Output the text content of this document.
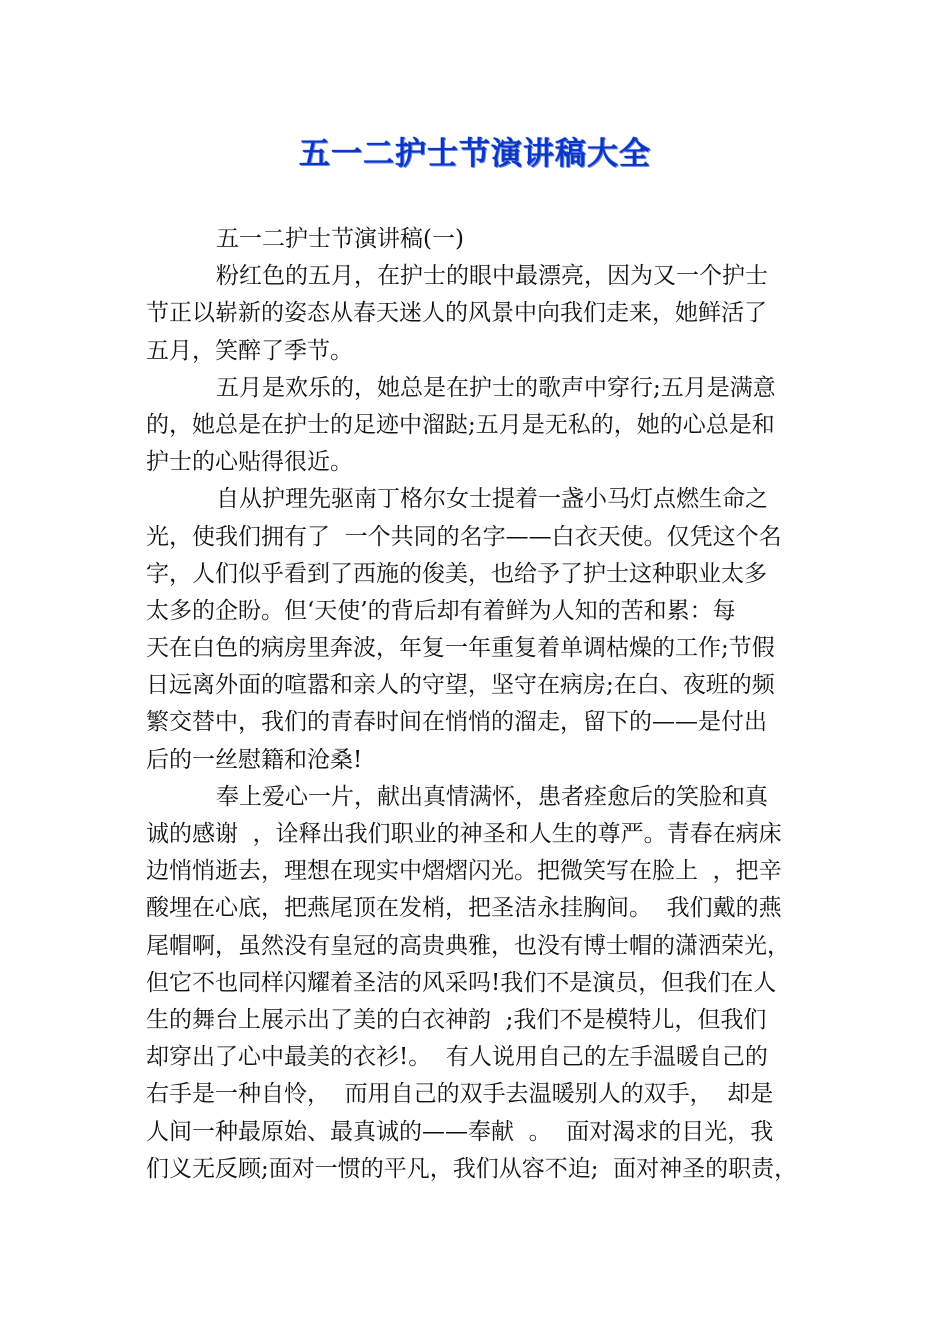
五一二护士节演讲稿大全
五一二护士节演讲稿(一)
粉红色的五月，在护士的眼中最漂亮，因为又一个护士
节正以崭新的姿态从春天迷人的风景中向我们走来，她鲜活了
五月，笑醉了季节。
五月是欢乐的，她总是在护士的歌声中穿行;五月是满意
的，她总是在护士的足迹中溜跶;五月是无私的，她的心总是和
护士的心贴得很近。
自从护理先驱南丁格尔女士提着一盏小马灯点燃生命之
光，使我们拥有了  一个共同的名字——白衣天使。仅凭这个名
字，人们似乎看到了西施的俊美，也给予了护士这种职业太多
太多的企盼。但‘天使’的背后却有着鲜为人知的苦和累：每
天在白色的病房里奔波，年复一年重复着单调枯燥的工作;节假
日远离外面的喧嚣和亲人的守望，坚守在病房;在白、夜班的频
繁交替中，我们的青春时间在悄悄的溜走，留下的——是付出
后的一丝慰籍和沧桑!
奉上爱心一片，献出真情满怀，患者痊愈后的笑脸和真
诚的感谢  ，诠释出我们职业的神圣和人生的尊严。青春在病床
边悄悄逝去，理想在现实中熠熠闪光。把微笑写在脸上  ，把辛
酸埋在心底，把燕尾顶在发梢，把圣洁永挂胸间。  我们戴的燕
尾帽啊，虽然没有皇冠的高贵典雅，也没有博士帽的潇洒荣光，
但它不也同样闪耀着圣洁的风采吗!我们不是演员，但我们在人
生的舞台上展示出了美的白衣神韵  ;我们不是模特儿，但我们
却穿出了心中最美的衣衫!。  有人说用自己的左手温暖自己的
右手是一种自怜，  而用自己的双手去温暖别人的双手，  却是
人间一种最原始、最真诚的——奉献  。  面对渴求的目光，我
们义无反顾;面对一惯的平凡，我们从容不迫;  面对神圣的职责，
